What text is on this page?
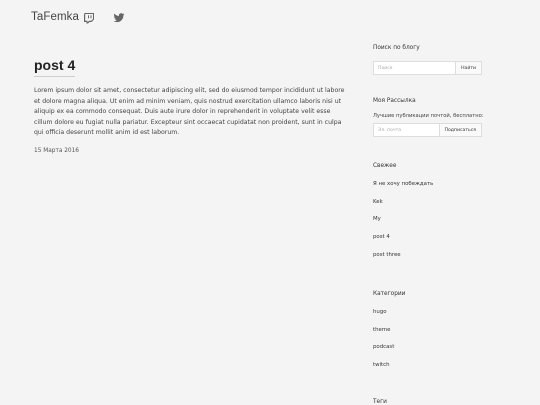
TaFemka
post 4

Lorem ipsum dolor sit amet, consectetur adipiscing elit, sed do eiusmod tempor incididunt ut labore et dolore magna aliqua. Ut enim ad minim veniam, quis nostrud exercitation ullamco laboris nisi ut aliquip ex ea commodo consequat. Duis aute irure dolor in reprehenderit in voluptate velit esse cillum dolore eu fugiat nulla pariatur. Excepteur sint occaecat cupidatat non proident, sunt in culpa qui officia deserunt mollit anim id est laborum.

15 Марта 2016
Поиск по блогу
Поиск	Найти
Моя Рассылка
Лучшие публикации почтой, бесплатно:
Эл. почта	Подписаться
Свежее
Я не хочу побеждать
Kek
My
post 4
post three
Категории
hugo
theme
podcast
twitch
Теги
